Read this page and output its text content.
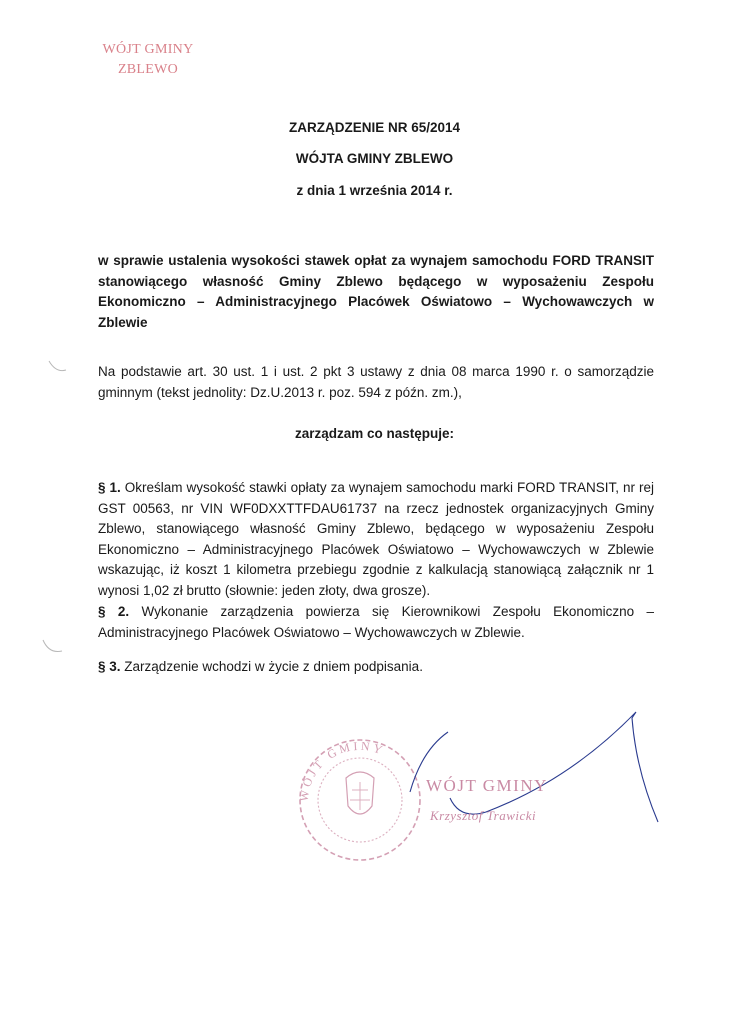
WÓJT GMINY
ZBLEWO
ZARZĄDZENIE NR 65/2014
WÓJTA GMINY ZBLEWO
z dnia 1 września 2014 r.
w sprawie ustalenia wysokości stawek opłat za wynajem samochodu FORD TRANSIT stanowiącego własność Gminy Zblewo będącego w wyposażeniu Zespołu Ekonomiczno – Administracyjnego Placówek Oświatowo – Wychowawczych w Zblewie
Na podstawie art. 30 ust. 1 i ust. 2 pkt 3 ustawy z dnia 08 marca 1990 r. o samorządzie gminnym (tekst jednolity: Dz.U.2013 r. poz. 594 z późn. zm.),
zarządzam co następuje:
§ 1. Określam wysokość stawki opłaty za wynajem samochodu marki FORD TRANSIT, nr rej GST 00563, nr VIN WF0DXXTTFDAU61737 na rzecz jednostek organizacyjnych Gminy Zblewo, stanowiącego własność Gminy Zblewo, będącego w wyposażeniu Zespołu Ekonomiczno – Administracyjnego Placówek Oświatowo – Wychowawczych w Zblewie wskazując, iż koszt 1 kilometra przebiegu zgodnie z kalkulacją stanowiącą załącznik nr 1 wynosi 1,02 zł brutto (słownie: jeden złoty, dwa grosze).
§ 2. Wykonanie zarządzenia powierza się Kierownikowi Zespołu Ekonomiczno – Administracyjnego Placówek Oświatowo – Wychowawczych w Zblewie.
§ 3. Zarządzenie wchodzi w życie z dniem podpisania.
WÓJT GMINY
WÓJT GMINY
Krzysztof Trawicki
